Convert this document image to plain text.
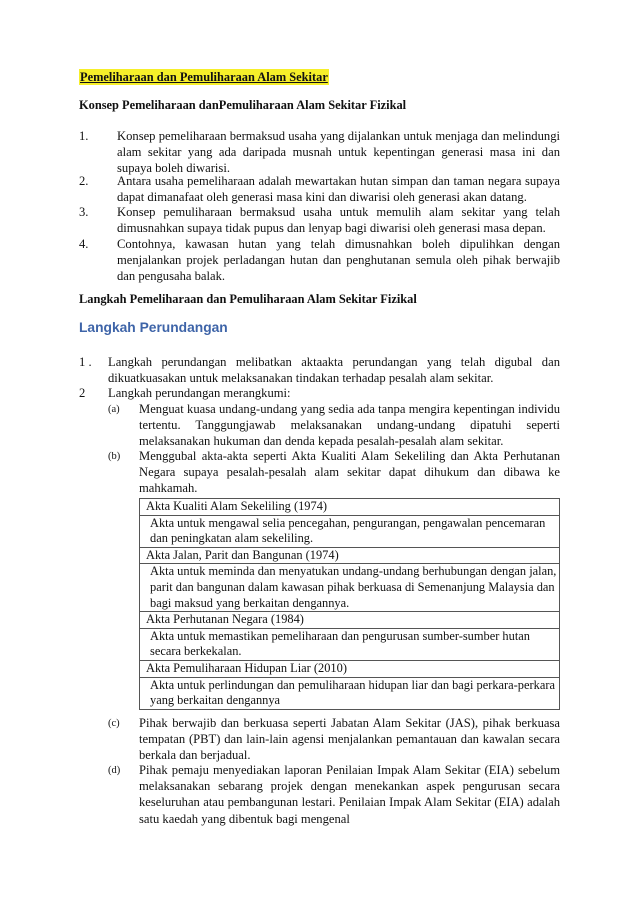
Pemeliharaan dan Pemuliharaan Alam Sekitar
Konsep Pemeliharaan danPemuliharaan Alam Sekitar Fizikal
1.	Konsep pemeliharaan bermaksud usaha yang dijalankan untuk menjaga dan melindungi alam sekitar yang ada daripada musnah untuk kepentingan generasi masa ini dan supaya boleh diwarisi.
2.	Antara usaha pemeliharaan adalah mewartakan hutan simpan dan taman negara supaya dapat dimanafaat oleh generasi masa kini dan diwarisi oleh generasi akan datang.
3.	Konsep pemuliharaan bermaksud usaha untuk memulih alam sekitar yang telah dimusnahkan supaya tidak pupus dan lenyap bagi diwarisi oleh generasi masa depan.
4.	Contohnya, kawasan hutan yang telah dimusnahkan boleh dipulihkan dengan menjalankan projek perladangan hutan dan penghutanan semula oleh pihak berwajib dan pengusaha balak.
Langkah Pemeliharaan dan Pemuliharaan Alam Sekitar Fizikal
Langkah Perundangan
1 .	Langkah perundangan melibatkan aktaakta perundangan yang telah digubal dan dikuatkuasakan untuk melaksanakan tindakan terhadap pesalah alam sekitar.
2	Langkah perundangan merangkumi:
(a)	Menguat kuasa undang-undang yang sedia ada tanpa mengira kepentingan individu tertentu. Tanggungjawab melaksanakan undang-undang dipatuhi seperti melaksanakan hukuman dan denda kepada pesalah-pesalah alam sekitar.
(b)	Menggubal akta-akta seperti Akta Kualiti Alam Sekeliling dan Akta Perhutanan Negara supaya pesalah-pesalah alam sekitar dapat dihukum dan dibawa ke mahkamah.
Akta Kualiti Alam Sekeliling (1974)
Akta untuk mengawal selia pencegahan, pengurangan, pengawalan pencemaran dan peningkatan alam sekeliling.
Akta Jalan, Parit dan Bangunan (1974)
Akta untuk meminda dan menyatukan undang-undang berhubungan dengan jalan, parit dan bangunan dalam kawasan pihak berkuasa di Semenanjung Malaysia dan bagi maksud yang berkaitan dengannya.
Akta Perhutanan Negara (1984)
Akta untuk memastikan pemeliharaan dan pengurusan sumber-sumber hutan secara berkekalan.
Akta Pemuliharaan Hidupan Liar (2010)
Akta untuk perlindungan dan pemuliharaan hidupan liar dan bagi perkara-perkara yang berkaitan dengannya
(c)	Pihak berwajib dan berkuasa seperti Jabatan Alam Sekitar (JAS), pihak berkuasa tempatan (PBT) dan lain-lain agensi menjalankan pemantauan dan kawalan secara berkala dan berjadual.
(d)	Pihak pemaju menyediakan laporan Penilaian Impak Alam Sekitar (EIA) sebelum melaksanakan sebarang projek dengan menekankan aspek pengurusan secara keseluruhan atau pembangunan lestari. Penilaian Impak Alam Sekitar (EIA) adalah satu kaedah yang dibentuk bagi mengenal
